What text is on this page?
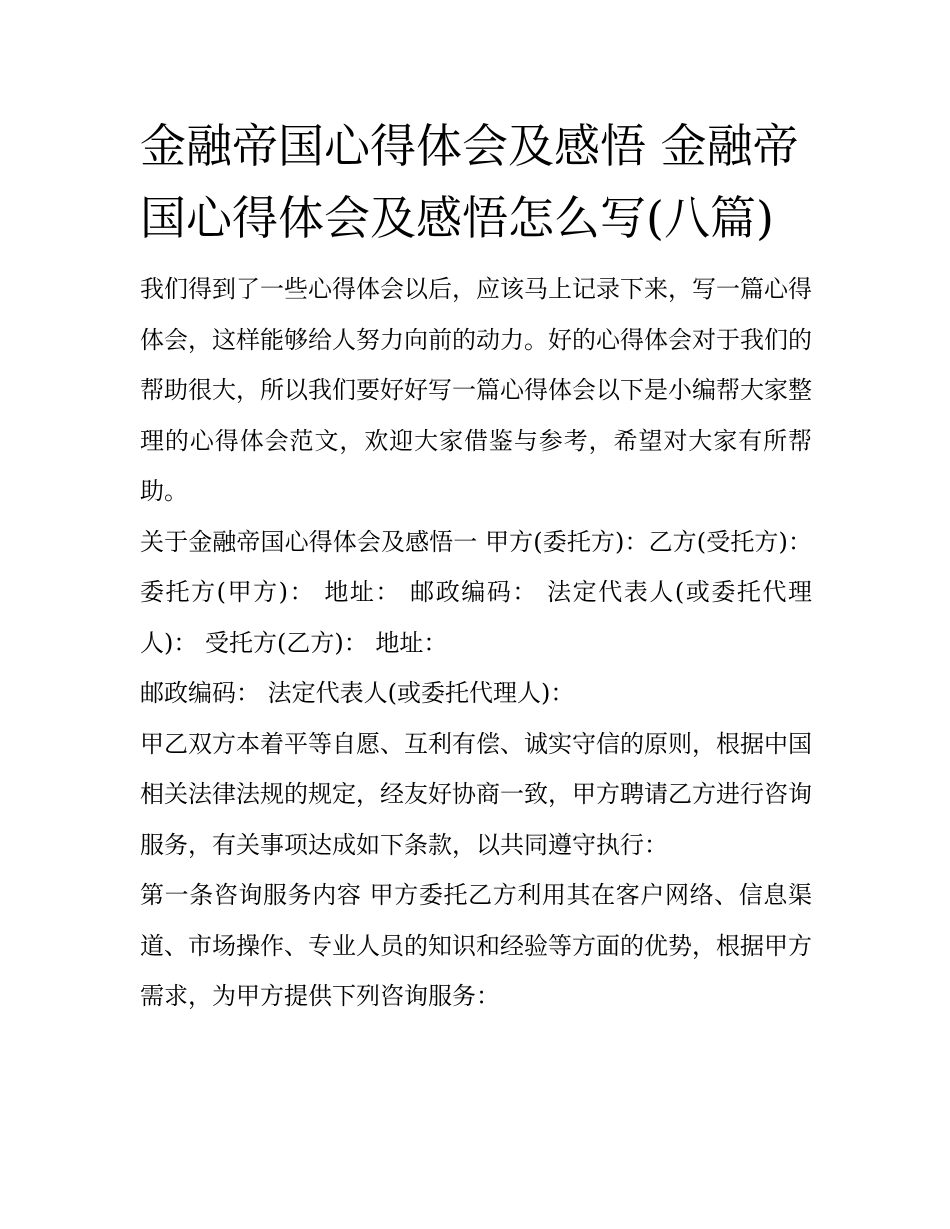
金融帝国心得体会及感悟 金融帝国心得体会及感悟怎么写(八篇)

我们得到了一些心得体会以后，应该马上记录下来，写一篇心得体会，这样能够给人努力向前的动力。好的心得体会对于我们的帮助很大，所以我们要好好写一篇心得体会以下是小编帮大家整理的心得体会范文，欢迎大家借鉴与参考，希望对大家有所帮助。

关于金融帝国心得体会及感悟一 甲方(委托方)：乙方(受托方)： 委托方(甲方)： 地址： 邮政编码： 法定代表人(或委托代理人)： 受托方(乙方)： 地址：

邮政编码： 法定代表人(或委托代理人)：

甲乙双方本着平等自愿、互利有偿、诚实守信的原则，根据中国相关法律法规的规定，经友好协商一致，甲方聘请乙方进行咨询服务，有关事项达成如下条款，以共同遵守执行：

第一条咨询服务内容 甲方委托乙方利用其在客户网络、信息渠道、市场操作、专业人员的知识和经验等方面的优势，根据甲方需求，为甲方提供下列咨询服务：
